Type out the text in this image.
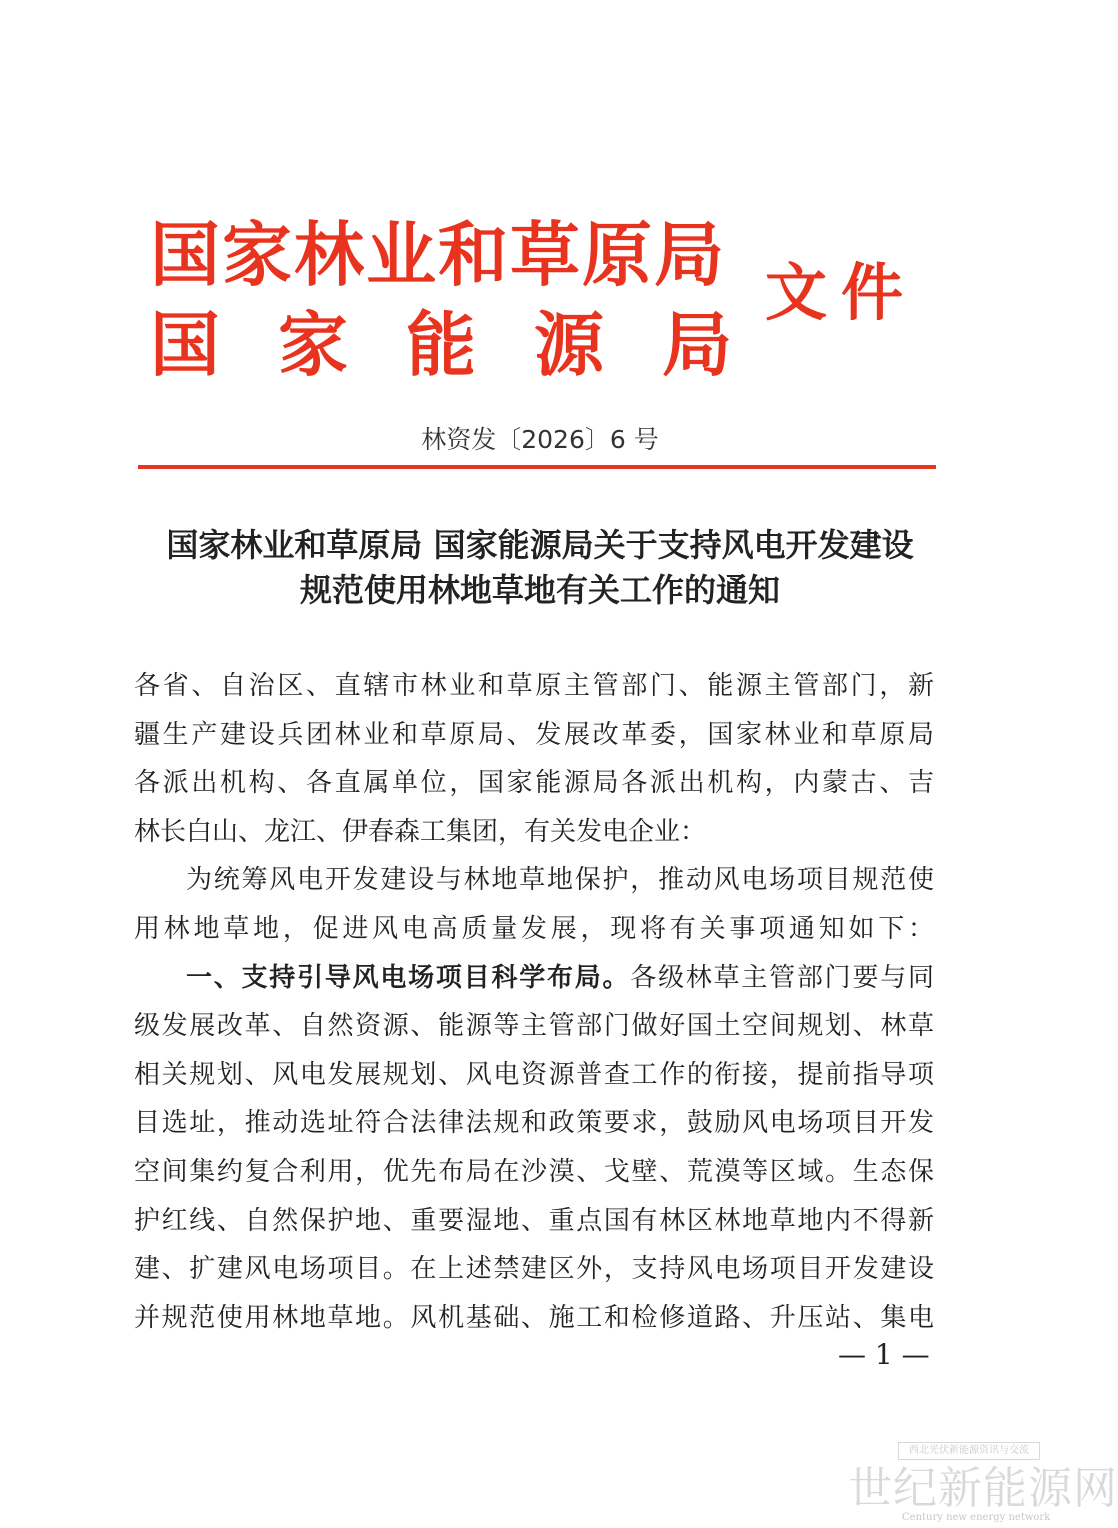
国家林业和草原局
国家能源局
文件
林资发〔2026〕6 号
国家林业和草原局 国家能源局关于支持风电开发建设
规范使用林地草地有关工作的通知

各省、自治区、直辖市林业和草原主管部门、能源主管部门，新

疆生产建设兵团林业和草原局、发展改革委，国家林业和草原局

各派出机构、各直属单位，国家能源局各派出机构，内蒙古、吉

林长白山、龙江、伊春森工集团，有关发电企业：

为统筹风电开发建设与林地草地保护，推动风电场项目规范使

用林地草地，促进风电高质量发展，现将有关事项通知如下：

一、支持引导风电场项目科学布局。各级林草主管部门要与同

级发展改革、自然资源、能源等主管部门做好国土空间规划、林草

相关规划、风电发展规划、风电资源普查工作的衔接，提前指导项

目选址，推动选址符合法律法规和政策要求，鼓励风电场项目开发

空间集约复合利用，优先布局在沙漠、戈壁、荒漠等区域。生态保

护红线、自然保护地、重要湿地、重点国有林区林地草地内不得新

建、扩建风电场项目。在上述禁建区外，支持风电场项目开发建设

并规范使用林地草地。风机基础、施工和检修道路、升压站、集电

— 1 —
西北光伏新能源资讯与交流
世纪新能源网
Century new energy network
